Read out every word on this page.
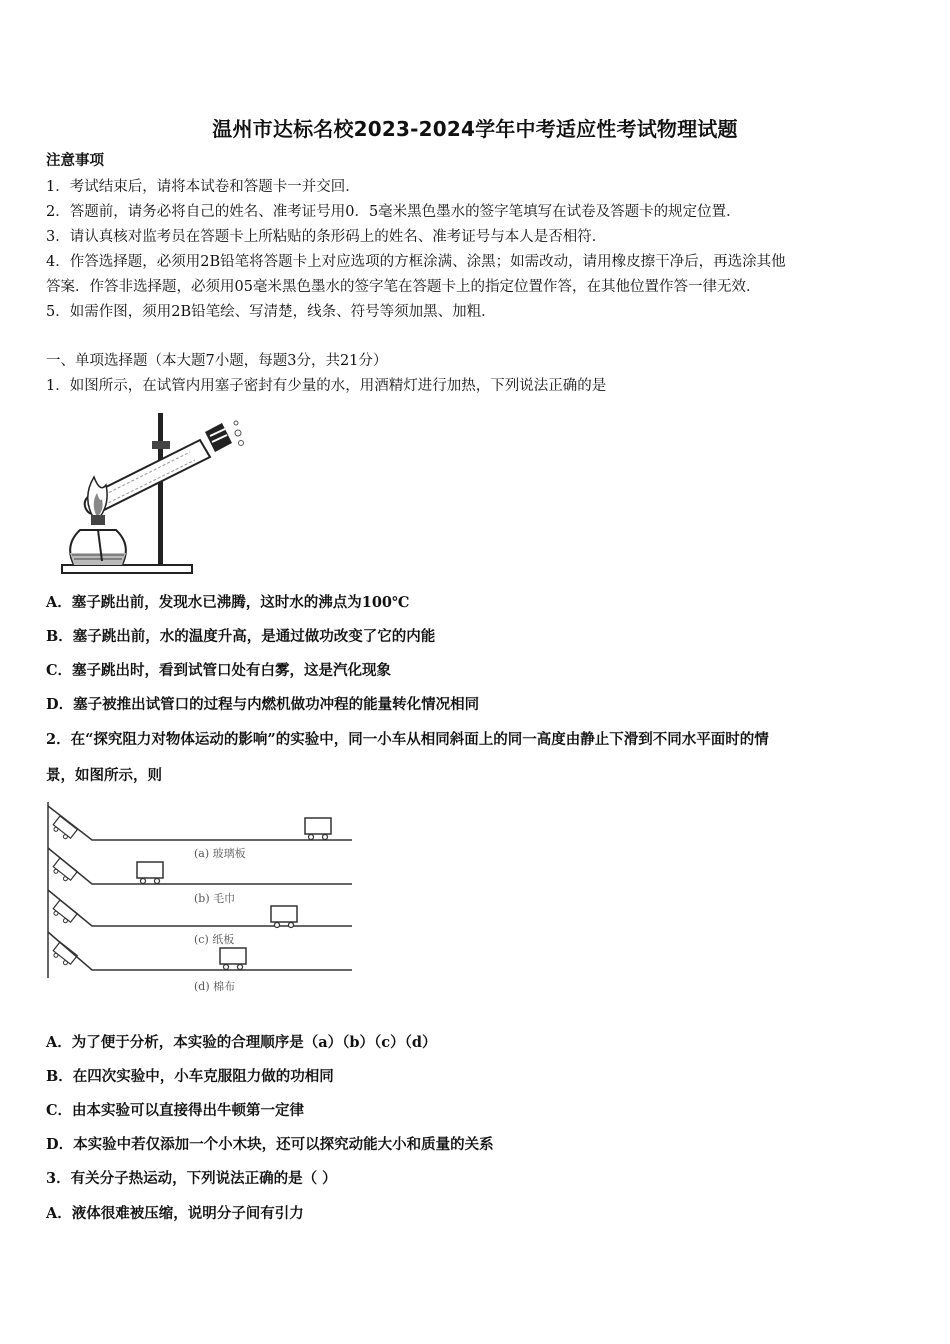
温州市达标名校2023-2024学年中考适应性考试物理试题
注意事项
1．考试结束后，请将本试卷和答题卡一并交回．
2．答题前，请务必将自己的姓名、准考证号用0．5毫米黑色墨水的签字笔填写在试卷及答题卡的规定位置．
3．请认真核对监考员在答题卡上所粘贴的条形码上的姓名、准考证号与本人是否相符．
4．作答选择题，必须用2B铅笔将答题卡上对应选项的方框涂满、涂黑；如需改动，请用橡皮擦干净后，再选涂其他
答案．作答非选择题，必须用05毫米黑色墨水的签字笔在答题卡上的指定位置作答，在其他位置作答一律无效．
5．如需作图，须用2B铅笔绘、写清楚，线条、符号等须加黑、加粗．
一、单项选择题（本大题7小题，每题3分，共21分）
1．如图所示，在试管内用塞子密封有少量的水，用酒精灯进行加热，下列说法正确的是
A．塞子跳出前，发现水已沸腾，这时水的沸点为100℃
B．塞子跳出前，水的温度升高，是通过做功改变了它的内能
C．塞子跳出时，看到试管口处有白雾，这是汽化现象
D．塞子被推出试管口的过程与内燃机做功冲程的能量转化情况相同
2．在“探究阻力对物体运动的影响”的实验中，同一小车从相同斜面上的同一高度由静止下滑到不同水平面时的情
景，如图所示，则
(a) 玻璃板
(b) 毛巾
(c) 纸板
(d) 棉布
A．为了便于分析，本实验的合理顺序是（a）（b）（c）（d）
B．在四次实验中，小车克服阻力做的功相同
C．由本实验可以直接得出牛顿第一定律
D．本实验中若仅添加一个小木块，还可以探究动能大小和质量的关系
3．有关分子热运动，下列说法正确的是（ ）
A．液体很难被压缩，说明分子间有引力
